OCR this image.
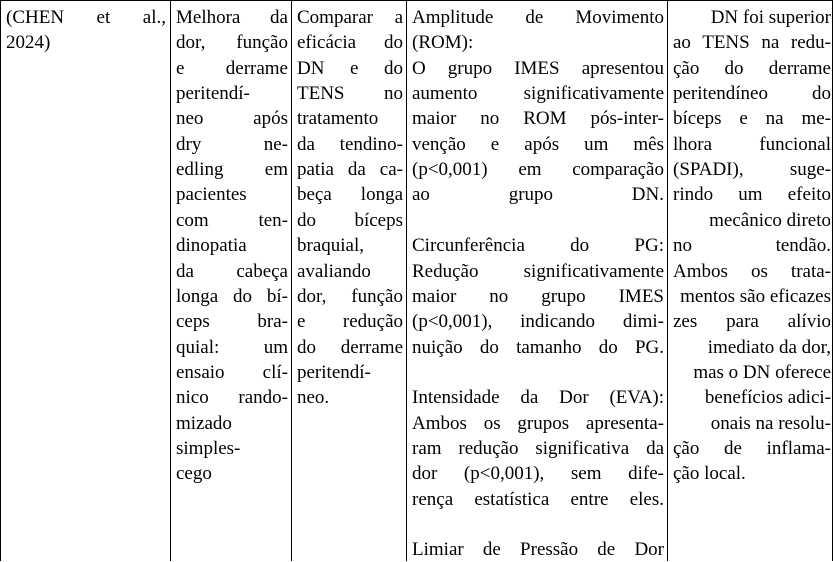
(CHEN et al.,
2024)
Melhora da
dor, função
e derrame
peritendí-
neo após
dry ne-
edling em
pacientes
com ten-
dinopatia
da cabeça
longa do bí-
ceps bra-
quial: um
ensaio clí-
nico rando-
mizado
simples-
cego
Comparar a
eficácia do
DN e do
TENS no
tratamento
da tendino-
patia da ca-
beça longa
do bíceps
braquial,
avaliando
dor, função
e redução
do derrame
peritendí-
neo.
Amplitude de Movimento
(ROM):
O grupo IMES apresentou
aumento significativamente
maior no ROM pós-inter-
venção e após um mês
(p<0,001) em comparação
ao grupo DN.
Circunferência do PG:
Redução significativamente
maior no grupo IMES
(p<0,001), indicando dimi-
nuição do tamanho do PG.
Intensidade da Dor (EVA):
Ambos os grupos apresenta-
ram redução significativa da
dor (p<0,001), sem dife-
rença estatística entre eles.
Limiar de Pressão de Dor
DN foi superior
ao TENS na redu-
ção do derrame
peritendíneo do
bíceps e na me-
lhora funcional
(SPADI), suge-
rindo um efeito
mecânico direto
no tendão.
Ambos os trata-
mentos são eficazes
zes para alívio
imediato da dor,
mas o DN oferece
benefícios adici-
onais na resolu-
ção de inflama-
ção local.
